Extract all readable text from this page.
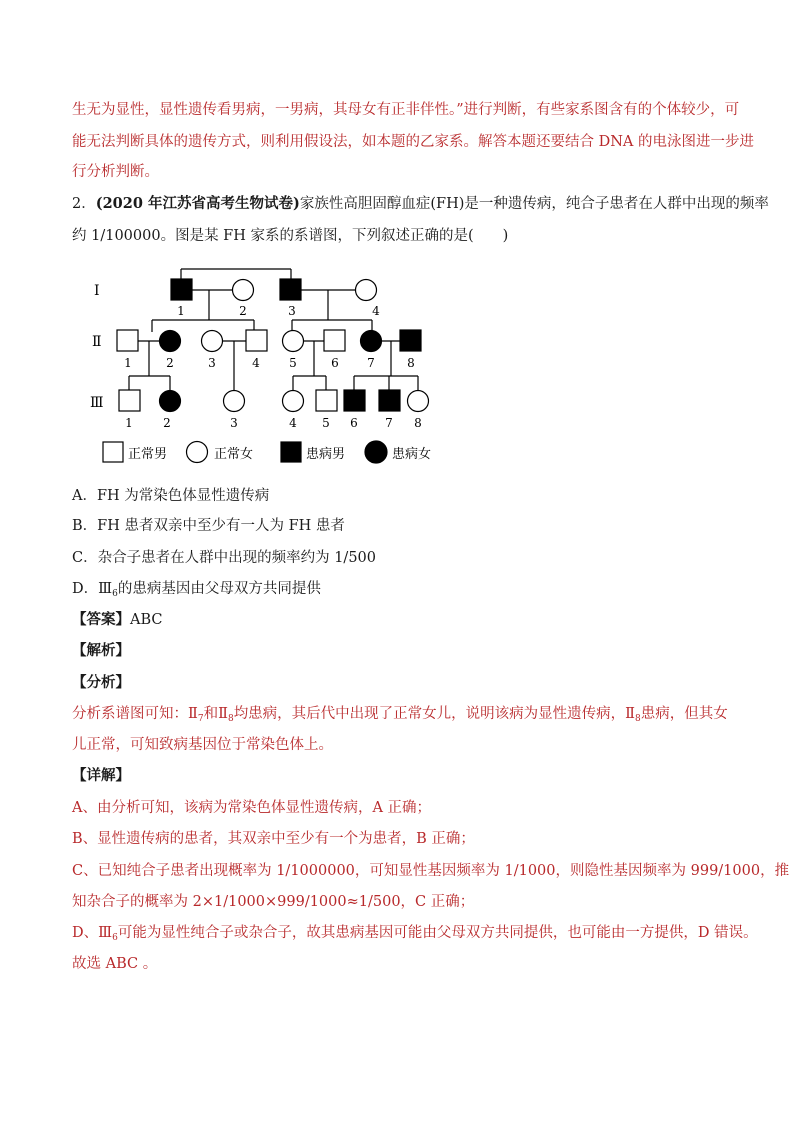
生无为显性，显性遗传看男病，一男病，其母女有正非伴性。”进行判断，有些家系图含有的个体较少，可
能无法判断具体的遗传方式，则利用假设法，如本题的乙家系。解答本题还要结合 DNA 的电泳图进一步进
行分析判断。
2．(2020 年江苏省高考生物试卷)家族性高胆固醇血症(FH)是一种遗传病，纯合子患者在人群中出现的频率
约 1/100000。图是某 FH 家系的系谱图，下列叙述正确的是(　　)
Ⅰ
Ⅱ
Ⅲ
1	2	3	4
1	2	3	4 5	6 7	8
1	2	3	4 5 6 7 8
正常男	正常女	患病男	患病女
A．FH 为常染色体显性遗传病
B．FH 患者双亲中至少有一人为 FH 患者
C．杂合子患者在人群中出现的频率约为 1/500
D．$Ⅲ_6$的患病基因由父母双方共同提供
【答案】ABC
【解析】
【分析】
分析系谱图可知：$Ⅱ_7$和$Ⅱ_8$均患病，其后代中出现了正常女儿，说明该病为显性遗传病，$Ⅱ_8$患病，但其女
儿正常，可知致病基因位于常染色体上。
【详解】
A、由分析可知，该病为常染色体显性遗传病，A 正确；
B、显性遗传病的患者，其双亲中至少有一个为患者，B 正确；
C、已知纯合子患者出现概率为 1/1000000，可知显性基因频率为 1/1000，则隐性基因频率为 999/1000，推
知杂合子的概率为 2×1/1000×999/1000≈1/500，C 正确；
D、$Ⅲ_6$可能为显性纯合子或杂合子，故其患病基因可能由父母双方共同提供，也可能由一方提供，D 错误。
故选 ABC 。
